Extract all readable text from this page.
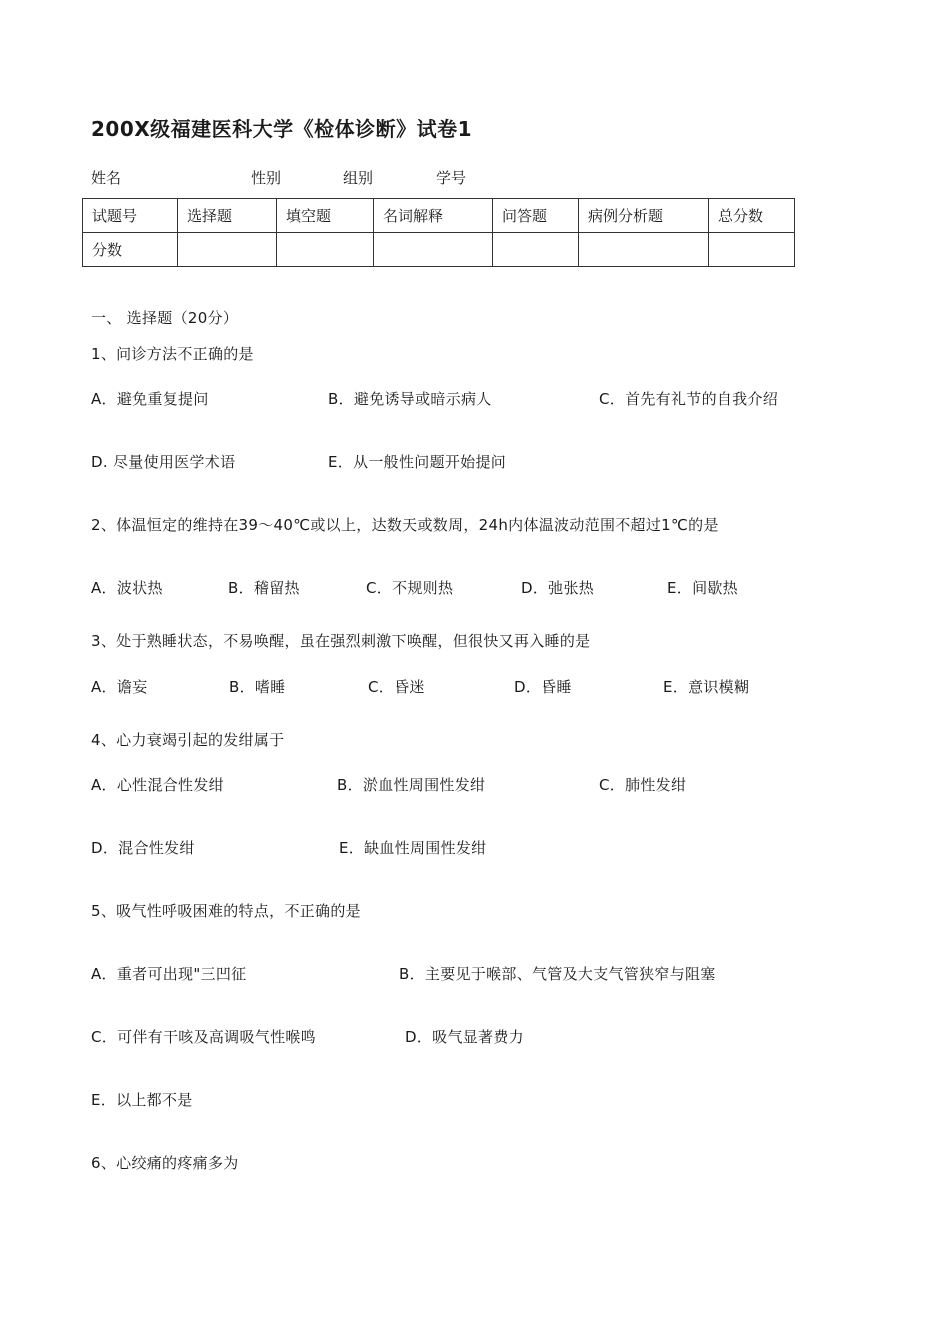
200X级福建医科大学《检体诊断》试卷1
姓名	性别	组别	学号
试题号	选择题	填空题	名词解释	问答题	病例分析题	总分数
分数						
一、 选择题（20分）
1、问诊方法不正确的是
A．避免重复提问	B．避免诱导或暗示病人	C．首先有礼节的自我介绍
D. 尽量使用医学术语	E．从一般性问题开始提问
2、体温恒定的维持在39～40℃或以上，达数天或数周，24h内体温波动范围不超过1℃的是
A．波状热	B．稽留热	C．不规则热	D．弛张热	E．间歇热
3、处于熟睡状态，不易唤醒，虽在强烈刺激下唤醒，但很快又再入睡的是
A．谵妄	B．嗜睡	C．昏迷	D．昏睡	E．意识模糊
4、心力衰竭引起的发绀属于
A．心性混合性发绀	B．淤血性周围性发绀	C．肺性发绀
D．混合性发绀	E．缺血性周围性发绀
5、吸气性呼吸困难的特点，不正确的是
A．重者可出现"三凹征	B．主要见于喉部、气管及大支气管狭窄与阻塞
C．可伴有干咳及高调吸气性喉鸣	D．吸气显著费力
E．以上都不是
6、心绞痛的疼痛多为
